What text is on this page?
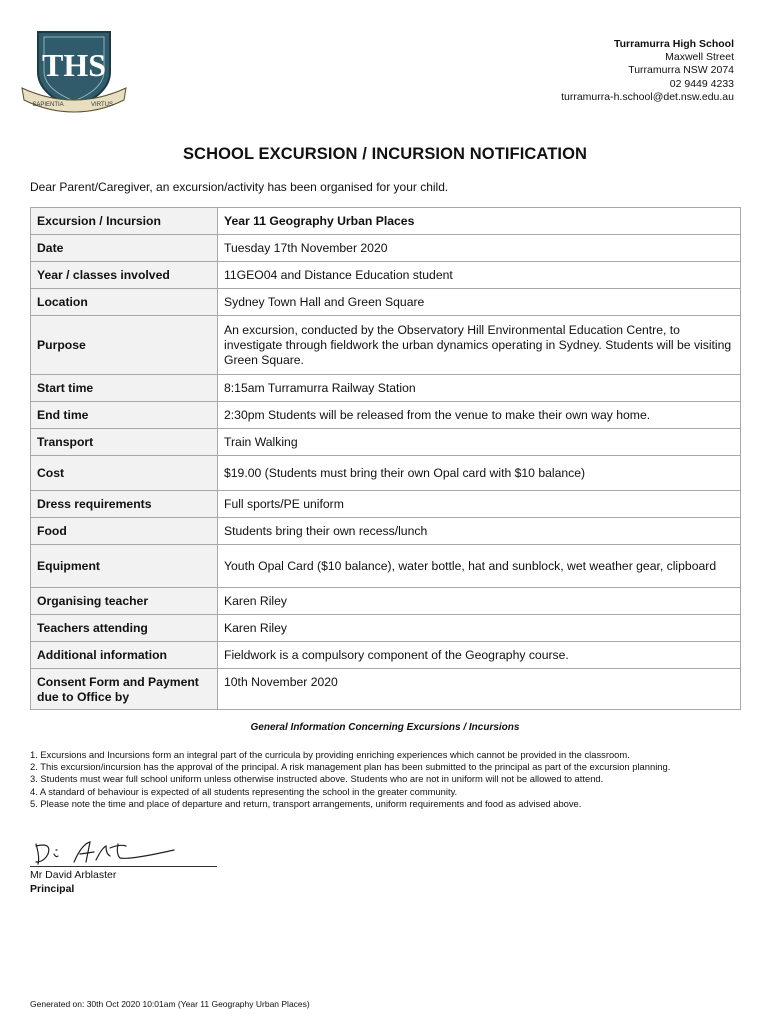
THS
SAPIENTIA	VIRTUS
Turramurra High School
Maxwell Street
Turramurra NSW 2074
02 9449 4233
turramurra-h.school@det.nsw.edu.au
SCHOOL EXCURSION / INCURSION NOTIFICATION
Dear Parent/Caregiver, an excursion/activity has been organised for your child.
Excursion / Incursion	Year 11 Geography Urban Places
Date	Tuesday 17th November 2020
Year / classes involved	11GEO04 and Distance Education student
Location	Sydney Town Hall and Green Square
Purpose	An excursion, conducted by the Observatory Hill Environmental Education Centre, to investigate through fieldwork the urban dynamics operating in Sydney. Students will be visiting Green Square.
Start time	8:15am Turramurra Railway Station
End time	2:30pm Students will be released from the venue to make their own way home.
Transport	Train Walking
Cost	$19.00 (Students must bring their own Opal card with $10 balance)
Dress requirements	Full sports/PE uniform
Food	Students bring their own recess/lunch
Equipment	Youth Opal Card ($10 balance), water bottle, hat and sunblock, wet weather gear, clipboard
Organising teacher	Karen Riley
Teachers attending	Karen Riley
Additional information	Fieldwork is a compulsory component of the Geography course.
Consent Form and Payment due to Office by	10th November 2020
General Information Concerning Excursions / Incursions
1. Excursions and Incursions form an integral part of the curricula by providing enriching experiences which cannot be provided in the classroom.
2. This excursion/incursion has the approval of the principal. A risk management plan has been submitted to the principal as part of the excursion planning.
3. Students must wear full school uniform unless otherwise instructed above. Students who are not in uniform will not be allowed to attend.
4. A standard of behaviour is expected of all students representing the school in the greater community.
5. Please note the time and place of departure and return, transport arrangements, uniform requirements and food as advised above.
Mr David Arblaster
Principal
Generated on: 30th Oct 2020 10:01am (Year 11 Geography Urban Places)
